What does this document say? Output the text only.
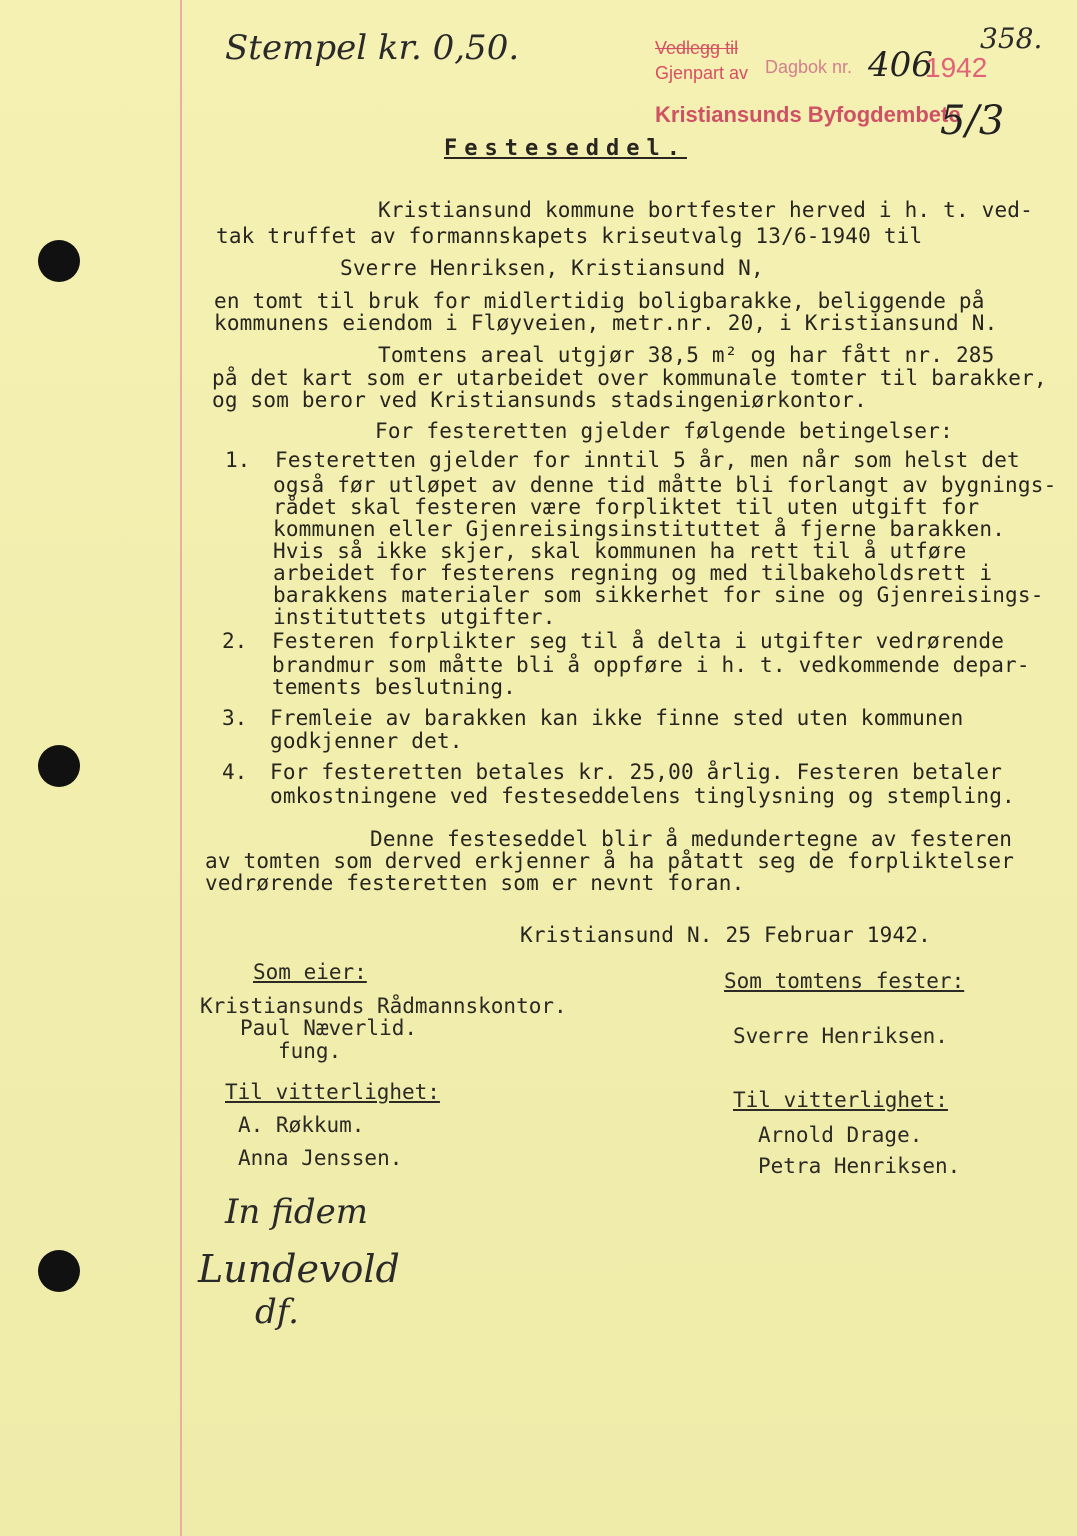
Stempel kr. 0,50.	358.
Vedlegg til
Gjenpart av Dagbok nr. 406
1942
Kristiansunds Byfogdembete
5/3
Festeseddel.
Kristiansund kommune bortfester herved i h. t. ved-
tak truffet av formannskapets kriseutvalg 13/6-1940 til
Sverre Henriksen, Kristiansund N,
en tomt til bruk for midlertidig boligbarakke, beliggende på
kommunens eiendom i Fløyveien, metr.nr. 20, i Kristiansund N.
Tomtens areal utgjør 38,5 m² og har fått nr. 285
på det kart som er utarbeidet over kommunale tomter til barakker,
og som beror ved Kristiansunds stadsingeniørkontor.
For festeretten gjelder følgende betingelser:
1. Festeretten gjelder for inntil 5 år, men når som helst det
også før utløpet av denne tid måtte bli forlangt av bygnings-
rådet skal festeren være forpliktet til uten utgift for
kommunen eller Gjenreisingsinstituttet å fjerne barakken.
Hvis så ikke skjer, skal kommunen ha rett til å utføre
arbeidet for festerens regning og med tilbakeholdsrett i
barakkens materialer som sikkerhet for sine og Gjenreisings-
instituttets utgifter.
2. Festeren forplikter seg til å delta i utgifter vedrørende
brandmur som måtte bli å oppføre i h. t. vedkommende depar-
tements beslutning.
3. Fremleie av barakken kan ikke finne sted uten kommunen
godkjenner det.
4. For festeretten betales kr. 25,00 årlig. Festeren betaler
omkostningene ved festeseddelens tinglysning og stempling.
Denne festeseddel blir å medundertegne av festeren
av tomten som derved erkjenner å ha påtatt seg de forpliktelser
vedrørende festeretten som er nevnt foran.
Kristiansund N. 25 Februar 1942.
Som eier:
Kristiansunds Rådmannskontor.
Paul Næverlid.
fung.
Til vitterlighet:
A. Røkkum.
Anna Jenssen.
Som tomtens fester:
Sverre Henriksen.
Til vitterlighet:
Arnold Drage.
Petra Henriksen.
In fidem
Lundevold
df.
